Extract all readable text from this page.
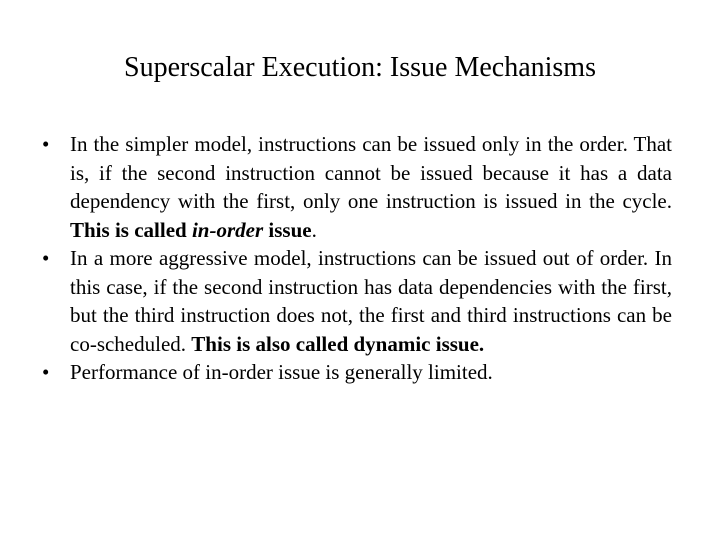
Superscalar Execution: Issue Mechanisms
• In the simpler model, instructions can be issued only in the order. That is, if the second instruction cannot be issued because it has a data dependency with the first, only one instruction is issued in the cycle. This is called in-order issue.
• In a more aggressive model, instructions can be issued out of order. In this case, if the second instruction has data dependencies with the first, but the third instruction does not, the first and third instructions can be co-scheduled. This is also called dynamic issue.
• Performance of in-order issue is generally limited.
